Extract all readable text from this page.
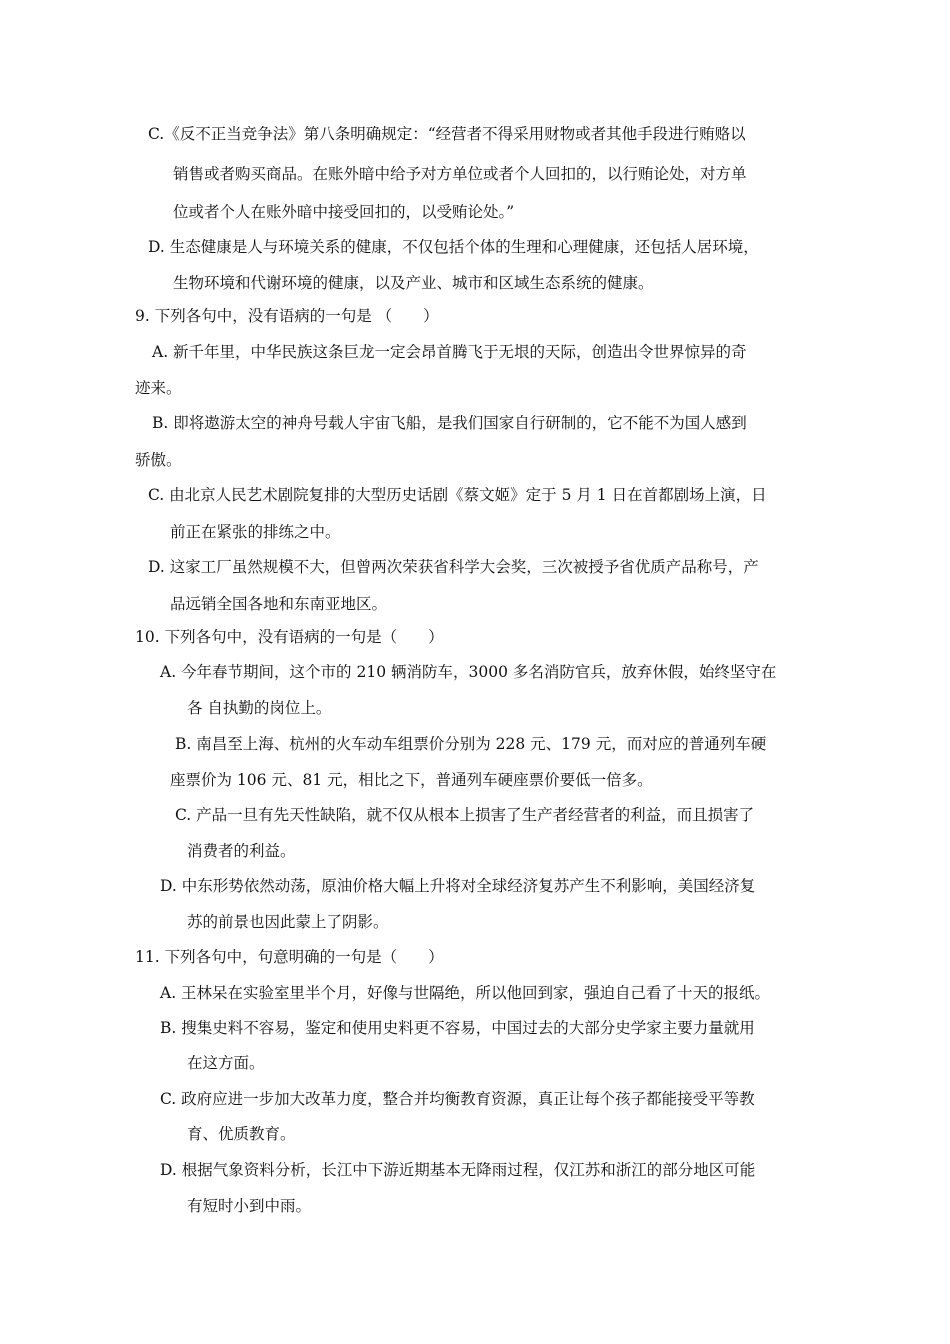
C.《反不正当竞争法》第八条明确规定：“经营者不得采用财物或者其他手段进行贿赂以
销售或者购买商品。在账外暗中给予对方单位或者个人回扣的，以行贿论处，对方单
位或者个人在账外暗中接受回扣的，以受贿论处。”
D. 生态健康是人与环境关系的健康，不仅包括个体的生理和心理健康，还包括人居环境，
生物环境和代谢环境的健康，以及产业、城市和区域生态系统的健康。
9. 下列各句中，没有语病的一句是 （　　）
A. 新千年里，中华民族这条巨龙一定会昂首腾飞于无垠的天际，创造出令世界惊异的奇
迹来。
B. 即将遨游太空的神舟号载人宇宙飞船，是我们国家自行研制的，它不能不为国人感到
骄傲。
C. 由北京人民艺术剧院复排的大型历史话剧《蔡文姬》定于 5 月 1 日在首都剧场上演，日
前正在紧张的排练之中。
D. 这家工厂虽然规模不大，但曾两次荣获省科学大会奖，三次被授予省优质产品称号，产
品远销全国各地和东南亚地区。
10. 下列各句中，没有语病的一句是（　　）
A. 今年春节期间，这个市的 210 辆消防车，3000 多名消防官兵，放弃休假，始终坚守在
各 自执勤的岗位上。
B. 南昌至上海、杭州的火车动车组票价分别为 228 元、179 元，而对应的普通列车硬
座票价为 106 元、81 元，相比之下，普通列车硬座票价要低一倍多。
C. 产品一旦有先天性缺陷，就不仅从根本上损害了生产者经营者的利益，而且损害了
消费者的利益。
D. 中东形势依然动荡，原油价格大幅上升将对全球经济复苏产生不利影响，美国经济复
苏的前景也因此蒙上了阴影。
11. 下列各句中，句意明确的一句是（　　）
A. 王林呆在实验室里半个月，好像与世隔绝，所以他回到家，强迫自己看了十天的报纸。
B. 搜集史料不容易，鉴定和使用史料更不容易，中国过去的大部分史学家主要力量就用
在这方面。
C. 政府应进一步加大改革力度，整合并均衡教育资源，真正让每个孩子都能接受平等教
育、优质教育。
D. 根据气象资料分析，长江中下游近期基本无降雨过程，仅江苏和浙江的部分地区可能
有短时小到中雨。
